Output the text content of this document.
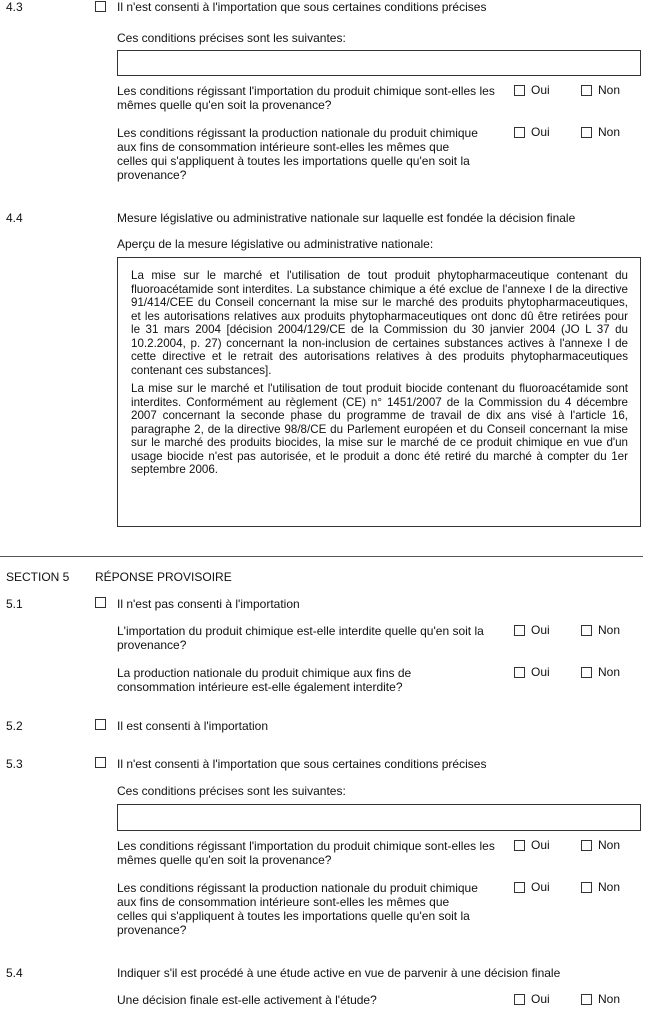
4.3	Il n'est consenti à l'importation que sous certaines conditions précises
Ces conditions précises sont les suivantes:
Les conditions régissant l'importation du produit chimique sont-elles les mêmes quelle qu'en soit la provenance?
Oui	Non
Les conditions régissant la production nationale du produit chimique aux fins de consommation intérieure sont-elles les mêmes que celles qui s'appliquent à toutes les importations quelle qu'en soit la provenance?
Oui	Non
4.4	Mesure législative ou administrative nationale sur laquelle est fondée la décision finale
Aperçu de la mesure législative ou administrative nationale:

La mise sur le marché et l'utilisation de tout produit phytopharmaceutique contenant du fluoroacétamide sont interdites. La substance chimique a été exclue de l'annexe I de la directive 91/414/CEE du Conseil concernant la mise sur le marché des produits phytopharmaceutiques, et les autorisations relatives aux produits phytopharmaceutiques ont donc dû être retirées pour le 31 mars 2004 [décision 2004/129/CE de la Commission du 30 janvier 2004 (JO L 37 du 10.2.2004, p. 27) concernant la non-inclusion de certaines substances actives à l'annexe I de cette directive et le retrait des autorisations relatives à des produits phytopharmaceutiques contenant ces substances].

La mise sur le marché et l'utilisation de tout produit biocide contenant du fluoroacétamide sont interdites. Conformément au règlement (CE) n° 1451/2007 de la Commission du 4 décembre 2007 concernant la seconde phase du programme de travail de dix ans visé à l'article 16, paragraphe 2, de la directive 98/8/CE du Parlement européen et du Conseil concernant la mise sur le marché des produits biocides, la mise sur le marché de ce produit chimique en vue d'un usage biocide n'est pas autorisée, et le produit a donc été retiré du marché à compter du 1er septembre 2006.

SECTION 5 RÉPONSE PROVISOIRE
5.1	Il n'est pas consenti à l'importation
L'importation du produit chimique est-elle interdite quelle qu'en soit la provenance?
Oui	Non
La production nationale du produit chimique aux fins de consommation intérieure est-elle également interdite?
Oui	Non
5.2	Il est consenti à l'importation
5.3	Il n'est consenti à l'importation que sous certaines conditions précises
Ces conditions précises sont les suivantes:
Les conditions régissant l'importation du produit chimique sont-elles les mêmes quelle qu'en soit la provenance?
Oui	Non
Les conditions régissant la production nationale du produit chimique aux fins de consommation intérieure sont-elles les mêmes que celles qui s'appliquent à toutes les importations quelle qu'en soit la provenance?
Oui	Non
5.4	Indiquer s'il est procédé à une étude active en vue de parvenir à une décision finale
Une décision finale est-elle activement à l'étude?	Oui	Non
